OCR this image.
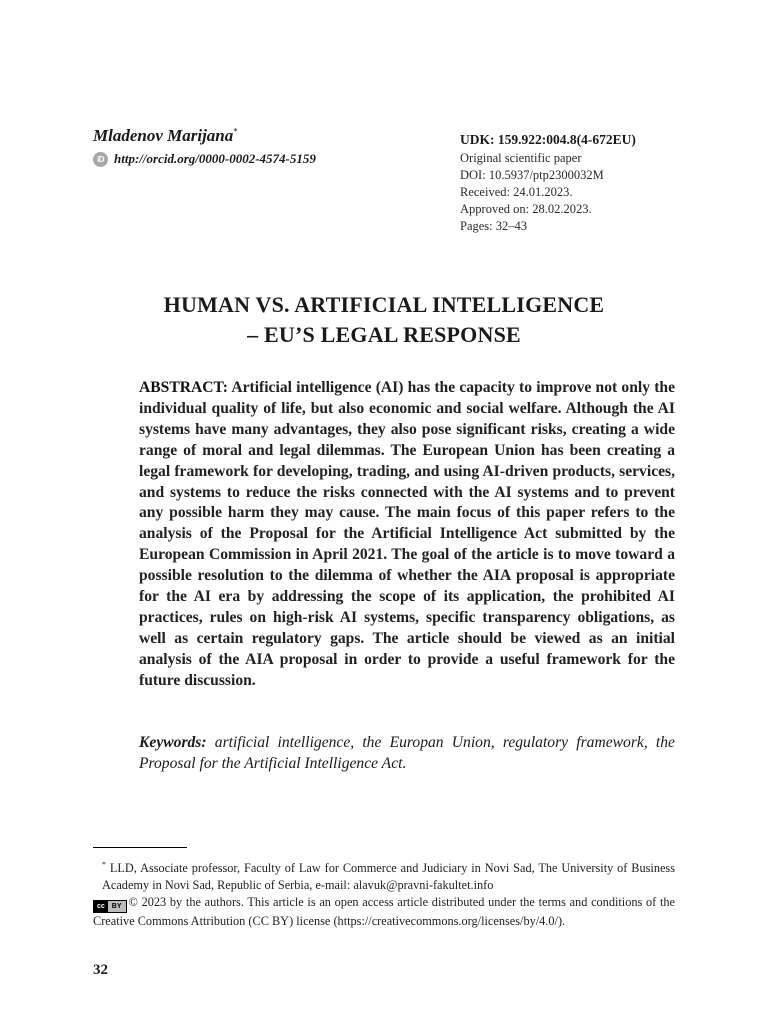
Mladenov Marijana*
iD http://orcid.org/0000-0002-4574-5159
UDK: 159.922:004.8(4-672EU)
Original scientific paper
DOI: 10.5937/ptp2300032M
Received: 24.01.2023.
Approved on: 28.02.2023.
Pages: 32–43
HUMAN VS. ARTIFICIAL INTELLIGENCE
– EU’S LEGAL RESPONSE
ABSTRACT: Artificial intelligence (AI) has the capacity to improve not only the individual quality of life, but also economic and social welfare. Although the AI systems have many advantages, they also pose significant risks, creating a wide range of moral and legal dilemmas. The European Union has been creating a legal framework for developing, trading, and using AI-driven products, services, and systems to reduce the risks connected with the AI systems and to prevent any possible harm they may cause. The main focus of this paper refers to the analysis of the Proposal for the Artificial Intelligence Act submitted by the European Commission in April 2021. The goal of the article is to move toward a possible resolution to the dilemma of whether the AIA proposal is appropriate for the AI era by addressing the scope of its application, the prohibited AI practices, rules on high-risk AI systems, specific transparency obligations, as well as certain regulatory gaps. The article should be viewed as an initial analysis of the AIA proposal in order to provide a useful framework for the future discussion.
Keywords: artificial intelligence, the Europan Union, regulatory framework, the Proposal for the Artificial Intelligence Act.
* LLD, Associate professor, Faculty of Law for Commerce and Judiciary in Novi Sad, The University of Business Academy in Novi Sad, Republic of Serbia, e-mail: alavuk@pravni-fakultet.info
cc	BY © 2023 by the authors. This article is an open access article distributed under the terms and conditions of the Creative Commons Attribution (CC BY) license (https://creativecommons.org/licenses/by/4.0/).
32
